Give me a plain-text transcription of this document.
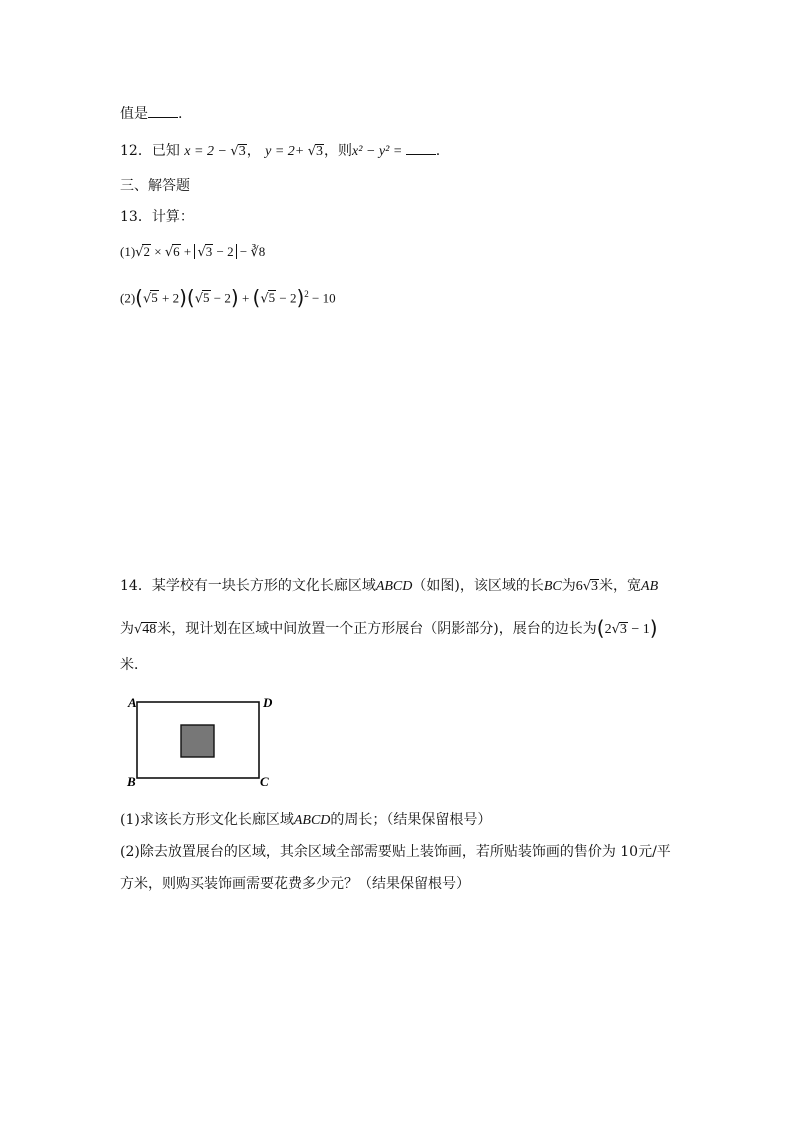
值是 .
12．已知 x = 2 − √3， y = 2+ √3，则x² − y² = .
三、解答题
13．计算：
(1)√2 × √6 + √3 − 2 − ∛8
$(2)(√5 + 2)(√5 - 2) + (√5 - 2)^2 - 10$
14．某学校有一块长方形的文化长廊区域ABCD（如图)，该区域的长BC为6√3米，宽AB
为√48米，现计划在区域中间放置一个正方形展台（阴影部分)，展台的边长为(2√3 − 1)
米．
A	D
B	C
(1)求该长方形文化长廊区域ABCD的周长；（结果保留根号）
(2)除去放置展台的区域，其余区域全部需要贴上装饰画，若所贴装饰画的售价为 10元/平
方米，则购买装饰画需要花费多少元？（结果保留根号）
